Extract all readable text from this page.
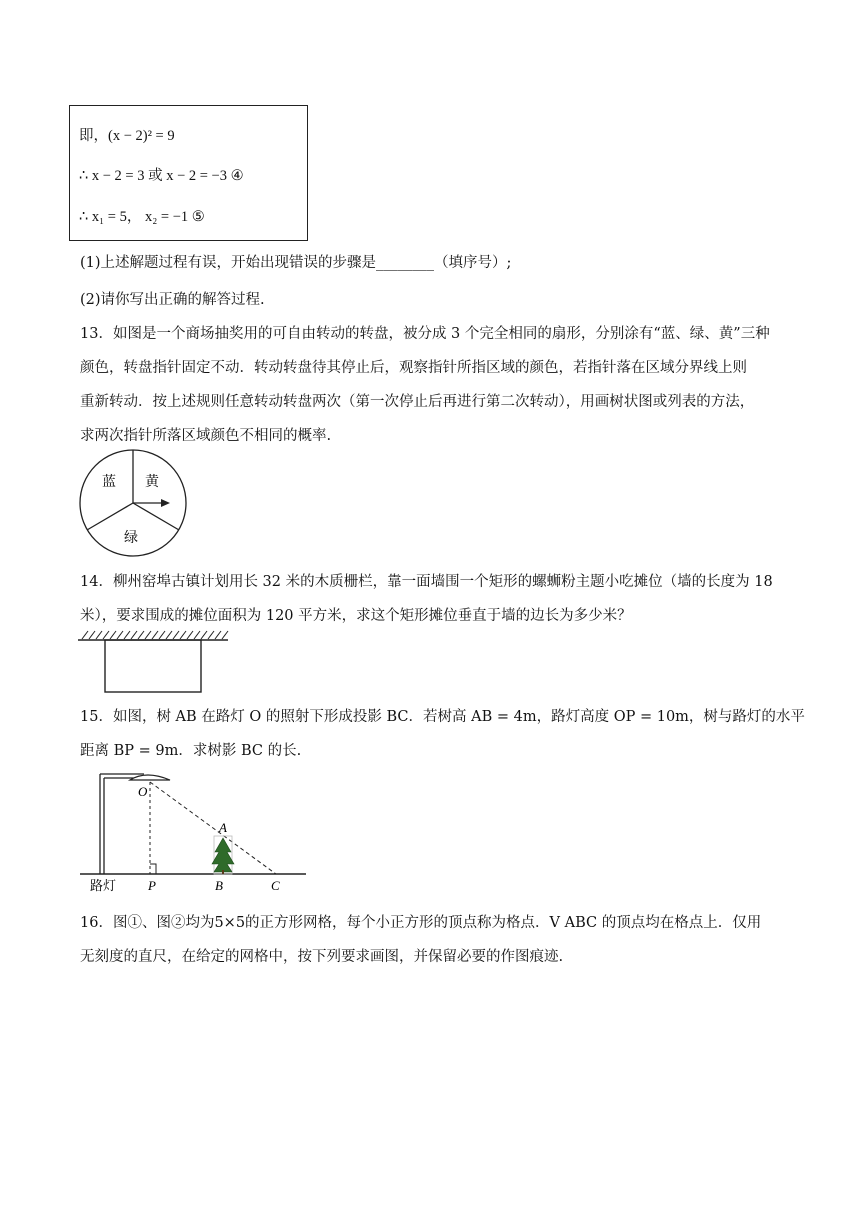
即，(x − 2)² = 9
∴ x − 2 = 3 或 x − 2 = −3 ④
∴ x₁ = 5， x₂ = −1 ⑤
(1)上述解题过程有误，开始出现错误的步骤是________（填序号）;
(2)请你写出正确的解答过程.
13．如图是一个商场抽奖用的可自由转动的转盘，被分成 3 个完全相同的扇形，分别涂有“蓝、绿、黄”三种
颜色，转盘指针固定不动．转动转盘待其停止后，观察指针所指区域的颜色，若指针落在区域分界线上则
重新转动．按上述规则任意转动转盘两次（第一次停止后再进行第二次转动），用画树状图或列表的方法，
求两次指针所落区域颜色不相同的概率.
蓝 黄
绿
14．柳州窑埠古镇计划用长 32 米的木质栅栏，靠一面墙围一个矩形的螺蛳粉主题小吃摊位（墙的长度为 18
米），要求围成的摊位面积为 120 平方米，求这个矩形摊位垂直于墙的边长为多少米？
15．如图，树 AB 在路灯 O 的照射下形成投影 BC．若树高 AB = 4m，路灯高度 OP = 10m，树与路灯的水平
距离 BP = 9m．求树影 BC 的长.
O
A
P	B	C
路灯
16．图①、图②均为5×5的正方形网格，每个小正方形的顶点称为格点．V ABC 的顶点均在格点上．仅用
无刻度的直尺，在给定的网格中，按下列要求画图，并保留必要的作图痕迹.
